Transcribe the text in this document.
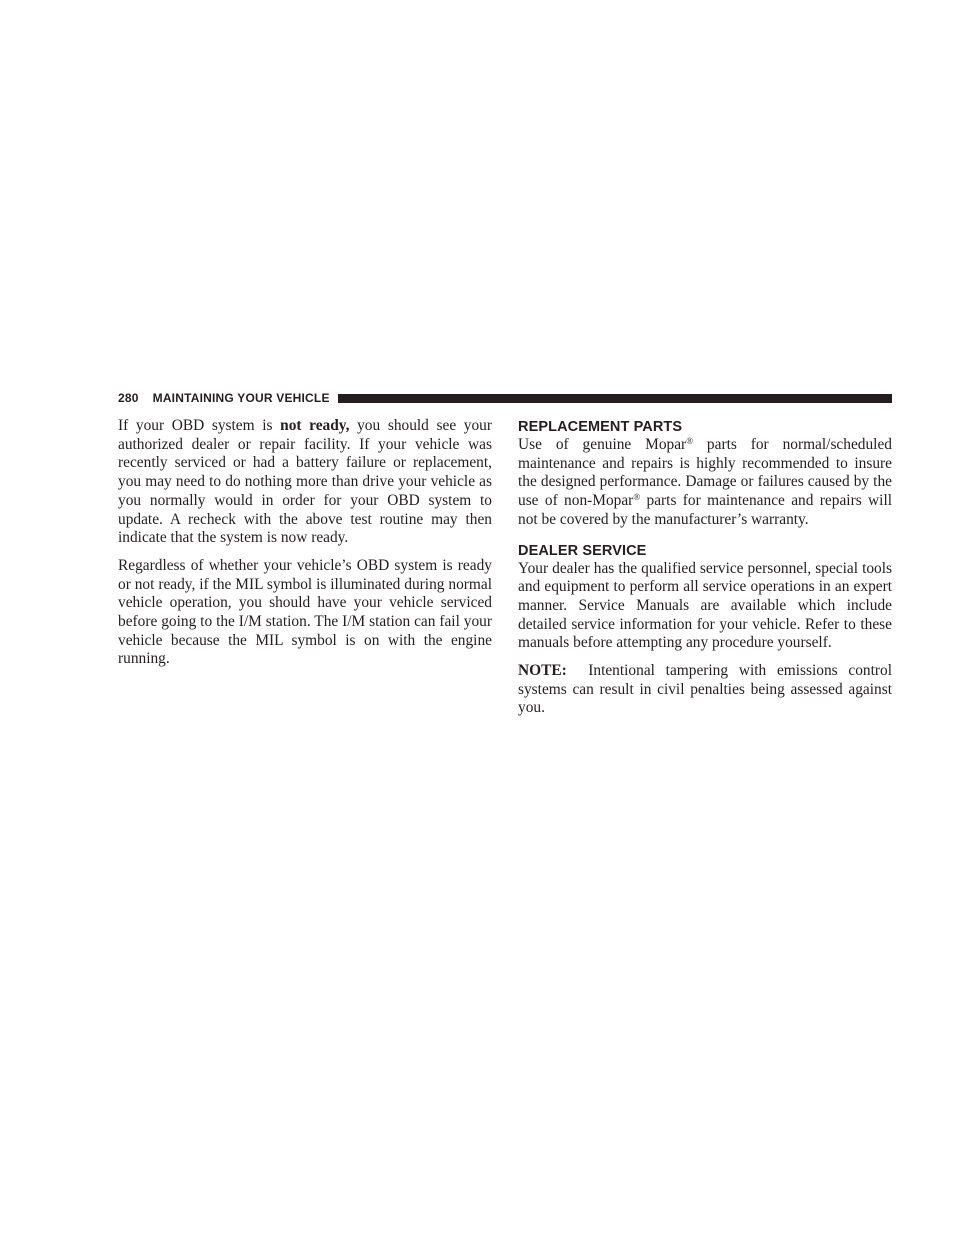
280 MAINTAINING YOUR VEHICLE

If your OBD system is not ready, you should see your authorized dealer or repair facility. If your vehicle was recently serviced or had a battery failure or replacement, you may need to do nothing more than drive your vehicle as you normally would in order for your OBD system to update. A recheck with the above test routine may then indicate that the system is now ready.

Regardless of whether your vehicle’s OBD system is ready or not ready, if the MIL symbol is illuminated during normal vehicle operation, you should have your vehicle serviced before going to the I/M station. The I/M station can fail your vehicle because the MIL symbol is on with the engine running.

REPLACEMENT PARTS

Use of genuine Mopar® parts for normal/scheduled maintenance and repairs is highly recommended to insure the designed performance. Damage or failures caused by the use of non-Mopar® parts for maintenance and repairs will not be covered by the manufacturer’s warranty.

DEALER SERVICE

Your dealer has the qualified service personnel, special tools and equipment to perform all service operations in an expert manner. Service Manuals are available which include detailed service information for your vehicle. Refer to these manuals before attempting any procedure yourself.

NOTE:  Intentional tampering with emissions control systems can result in civil penalties being assessed against you.
